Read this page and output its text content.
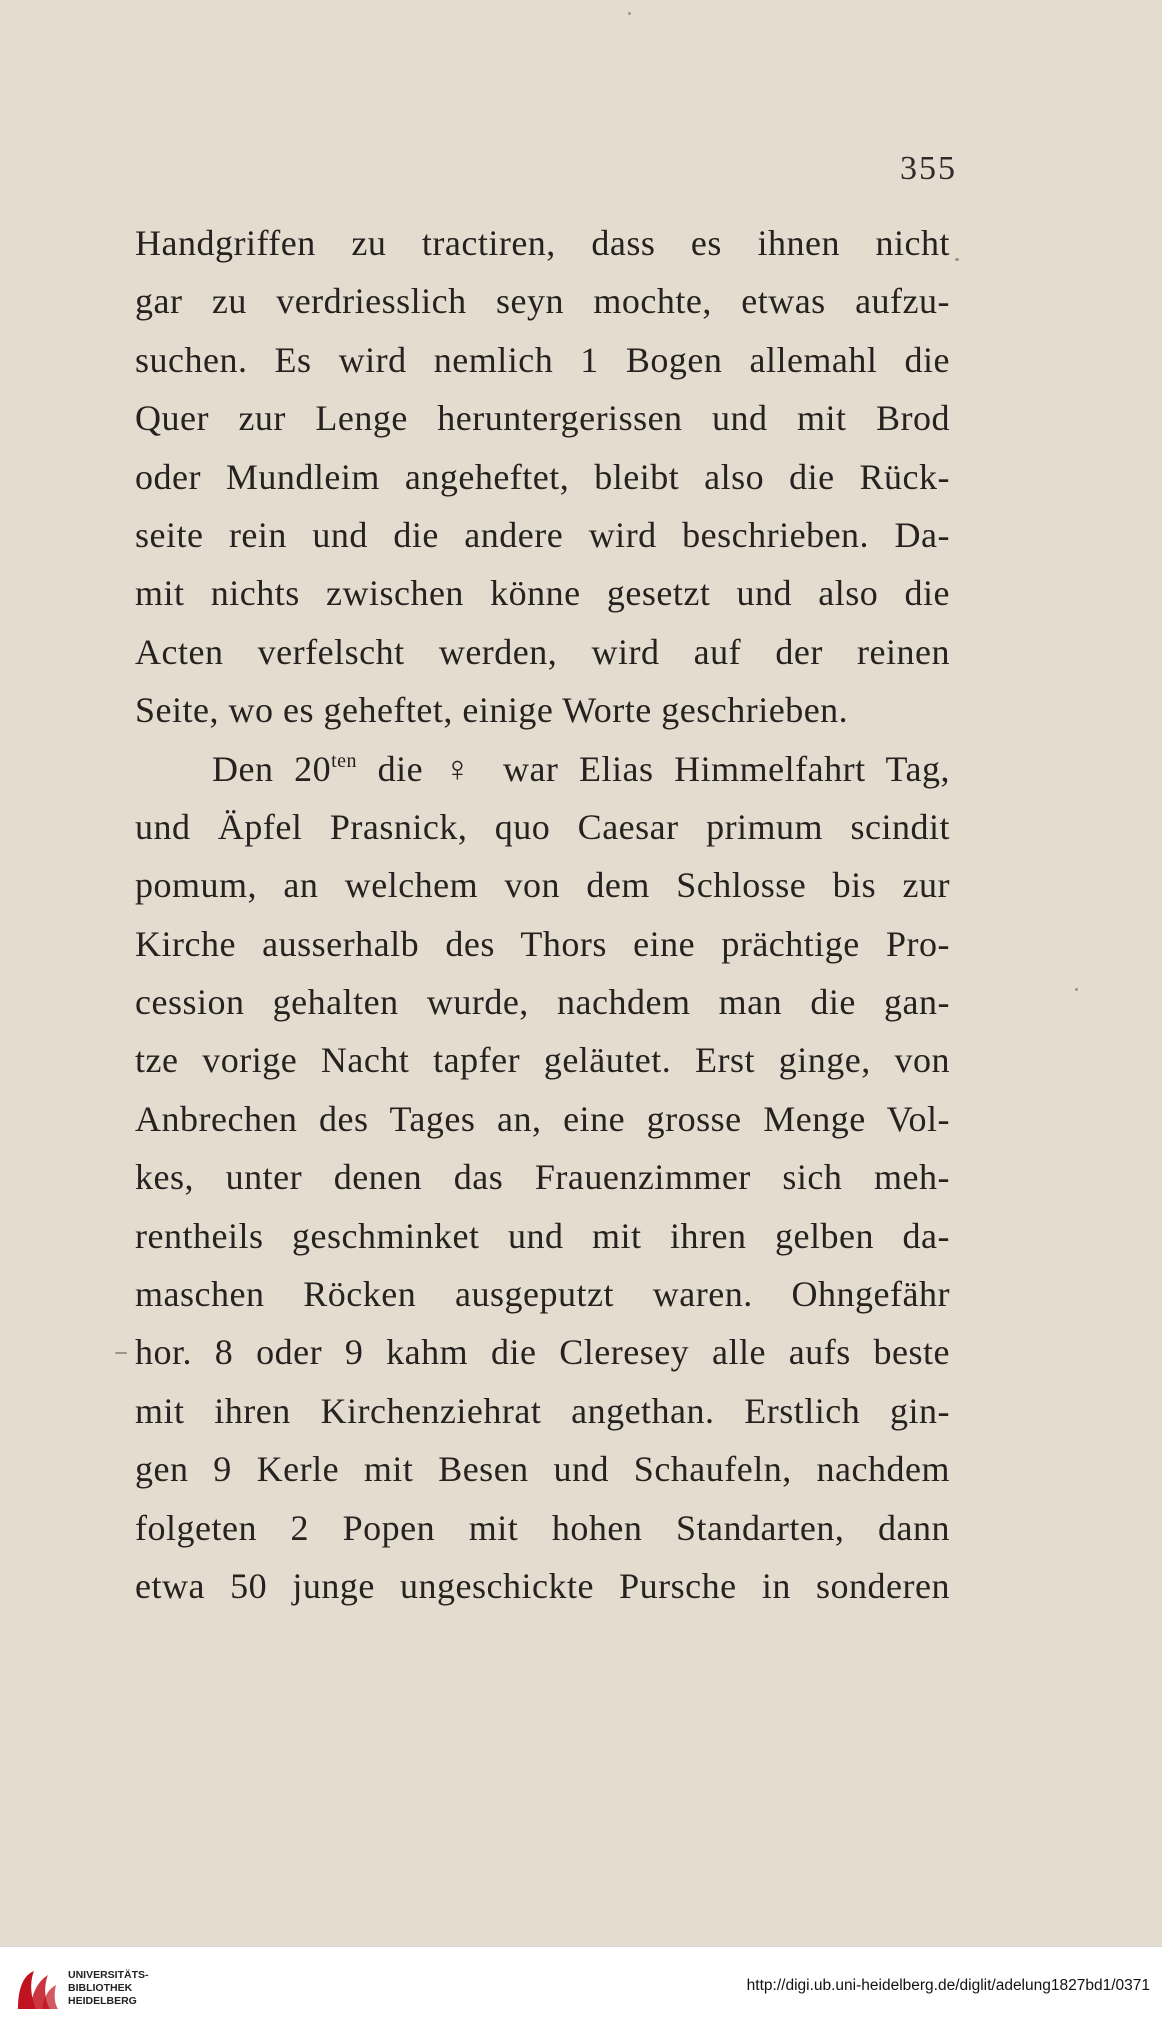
355
Handgriffen zu tractiren, dass es ihnen nicht
gar zu verdriesslich seyn mochte, etwas aufzu-
suchen. Es wird nemlich 1 Bogen allemahl die
Quer zur Lenge heruntergerissen und mit Brod
oder Mundleim angeheftet, bleibt also die Rück-
seite rein und die andere wird beschrieben. Da-
mit nichts zwischen könne gesetzt und also die
Acten verfelscht werden, wird auf der reinen
Seite, wo es geheftet, einige Worte geschrieben.
Den $20^{ten}$ die ♀ war Elias Himmelfahrt Tag,
und Äpfel Prasnick, quo Caesar primum scindit
pomum, an welchem von dem Schlosse bis zur
Kirche ausserhalb des Thors eine prächtige Pro-
cession gehalten wurde, nachdem man die gan-
tze vorige Nacht tapfer geläutet. Erst ginge, von
Anbrechen des Tages an, eine grosse Menge Vol-
kes, unter denen das Frauenzimmer sich meh-
rentheils geschminket und mit ihren gelben da-
maschen Röcken ausgeputzt waren. Ohngefähr
hor. 8 oder 9 kahm die Cleresey alle aufs beste
mit ihren Kirchenziehrat angethan. Erstlich gin-
gen 9 Kerle mit Besen und Schaufeln, nachdem
folgeten 2 Popen mit hohen Standarten, dann
etwa 50 junge ungeschickte Pursche in sonderen
UNIVERSITÄTS-
BIBLIOTHEK
HEIDELBERG
http://digi.ub.uni-heidelberg.de/diglit/adelung1827bd1/0371
